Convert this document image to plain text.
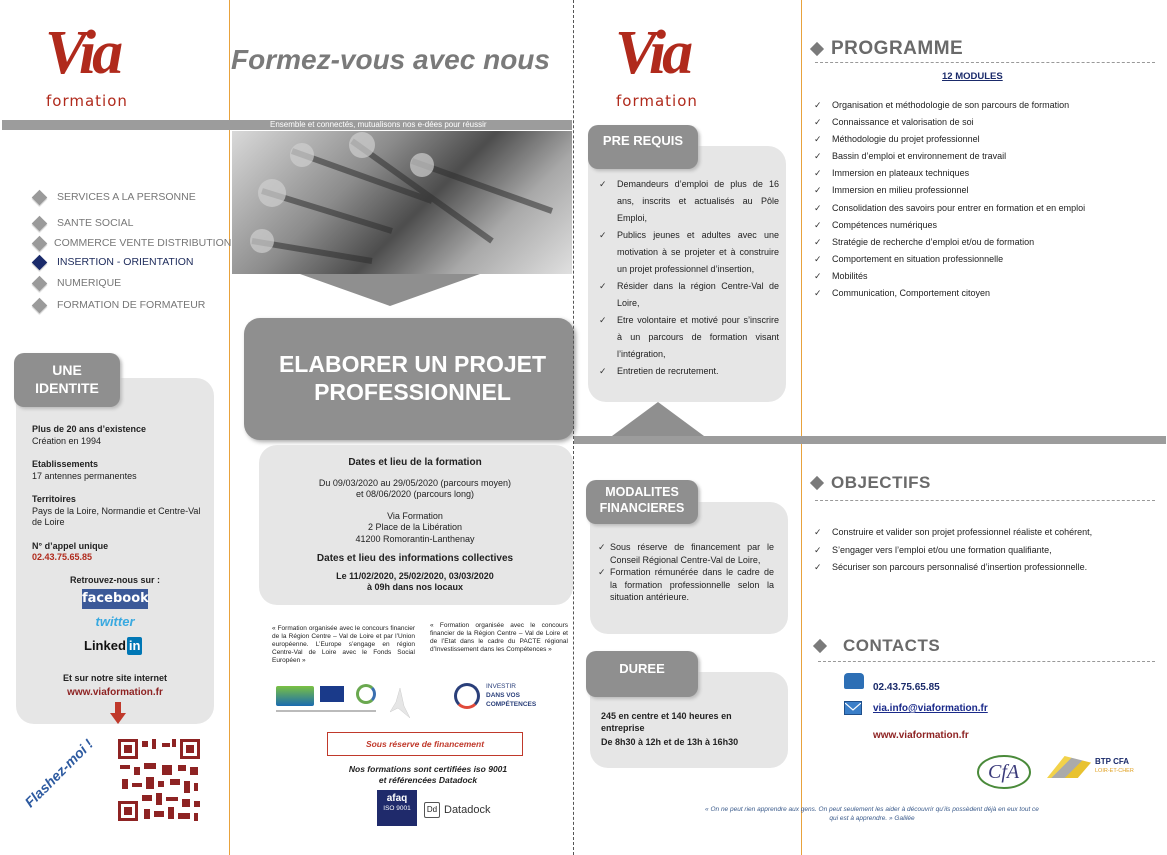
Via
formation
Ensemble et connectés, mutualisons nos e-dées pour réussir
SERVICES A LA PERSONNE
SANTE SOCIAL
COMMERCE VENTE DISTRIBUTION
INSERTION - ORIENTATION
NUMERIQUE
FORMATION DE FORMATEUR
UNE IDENTITE
Plus de 20 ans d’existence
Création en 1994
Etablissements
17 antennes permanentes
Territoires
Pays de la Loire, Normandie et Centre-Val de Loire
N° d’appel unique
02.43.75.65.85
Retrouvez-nous sur :
facebook
twitter
Linked in
Et sur notre site internet
www.viaformation.fr
Flashez-moi !
Formez-vous avec nous
ELABORER UN PROJET PROFESSIONNEL
Dates et lieu de la formation
Du 09/03/2020 au 29/05/2020 (parcours moyen)
et 08/06/2020 (parcours long)
Via Formation
2 Place de la Libération
41200 Romorantin-Lanthenay
Dates et lieu des informations collectives
Le 11/02/2020, 25/02/2020, 03/03/2020
à 09h dans nos locaux
« Formation organisée avec le concours financier de la Région Centre – Val de Loire et par l’Union européenne. L’Europe s’engage en région Centre-Val de Loire avec le Fonds Social Européen »
« Formation organisée avec le concours financier de la Région Centre – Val de Loire et de l’Etat dans le cadre du PACTE régional d’Investissement dans les Compétences »
INVESTIR
DANS VOS
COMPÉTENCES
Sous réserve de financement
Nos formations sont certifiées iso 9001
et référencées Datadock
afaq
ISO 9001	Dd Datadock
Via
formation
PRE REQUIS
✓ Demandeurs d’emploi de plus de 16 ans, inscrits et actualisés au Pôle Emploi,
✓ Publics jeunes et adultes avec une motivation à se projeter et à construire un projet professionnel d’insertion,
✓ Résider dans la région Centre-Val de Loire,
✓ Etre volontaire et motivé pour s’inscrire à un parcours de formation visant l’intégration,
✓ Entretien de recrutement.
MODALITES FINANCIERES
✓ Sous réserve de financement par le Conseil Régional Centre-Val de Loire,
✓ Formation rémunérée dans le cadre de la formation professionnelle selon la situation antérieure.
DUREE
245 en centre et 140 heures en entreprise
De 8h30 à 12h et de 13h à 16h30
« On ne peut rien apprendre aux gens. On peut seulement les aider à découvrir qu’ils possèdent déjà en eux tout ce qui est à apprendre. » Galilée
PROGRAMME
12 MODULES
✓ Organisation et méthodologie de son parcours de formation
✓ Connaissance et valorisation de soi
✓ Méthodologie du projet professionnel
✓ Bassin d’emploi et environnement de travail
✓ Immersion en plateaux techniques
✓ Immersion en milieu professionnel
✓ Consolidation des savoirs pour entrer en formation et en emploi
✓ Compétences numériques
✓ Stratégie de recherche d’emploi et/ou de formation
✓ Comportement en situation professionnelle
✓ Mobilités
✓ Communication, Comportement citoyen
OBJECTIFS
✓ Construire et valider son projet professionnel réaliste et cohérent,
✓ S’engager vers l’emploi et/ou une formation qualifiante,
✓ Sécuriser son parcours personnalisé d’insertion professionnelle.
CONTACTS
02.43.75.65.85
via.info@viaformation.fr
www.viaformation.fr
CfA	BTP CFA
LOIR-ET-CHER
